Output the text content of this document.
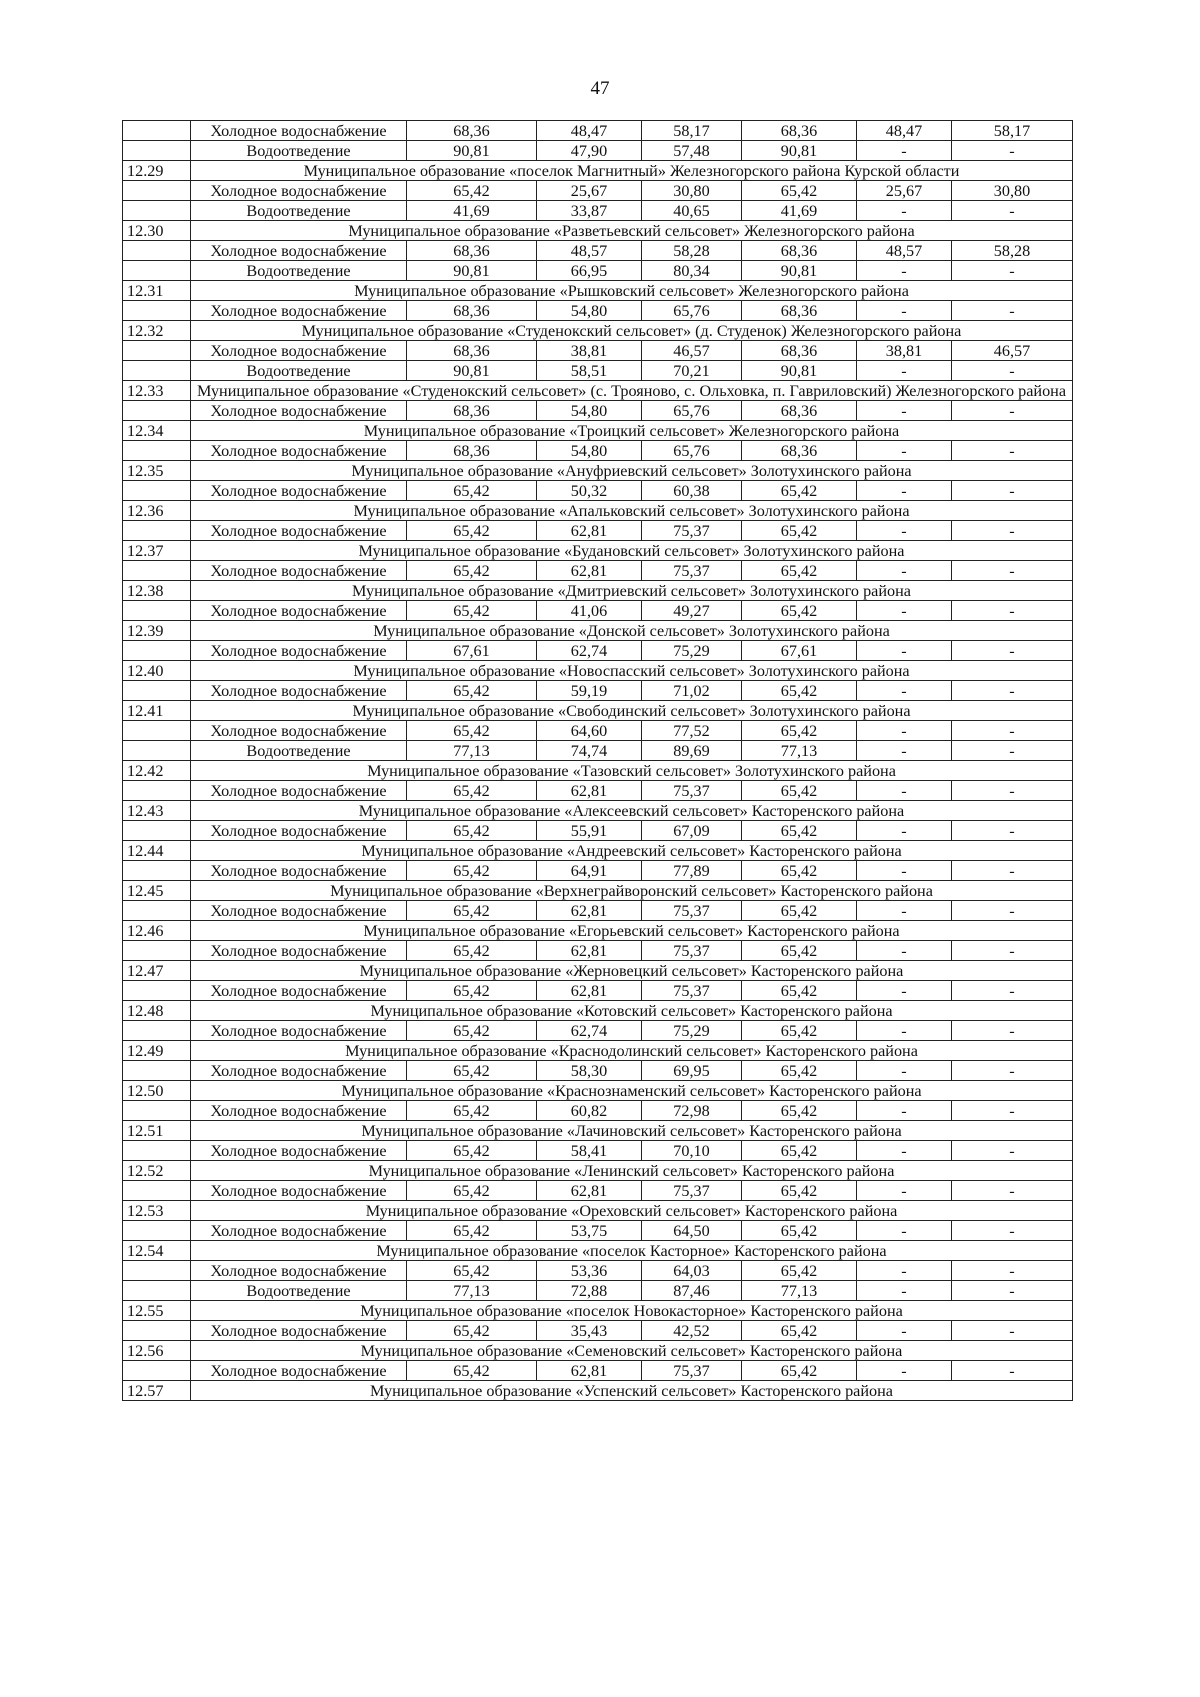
47
	Холодное водоснабжение	68,36	48,47	58,17	68,36	48,47	58,17
	Водоотведение	90,81	47,90	57,48	90,81	-	-
12.29	Муниципальное образование «поселок Магнитный» Железногорского района Курской области						
	Холодное водоснабжение	65,42	25,67	30,80	65,42	25,67	30,80
	Водоотведение	41,69	33,87	40,65	41,69	-	-
12.30	Муниципальное образование «Разветьевский сельсовет» Железногорского района						
	Холодное водоснабжение	68,36	48,57	58,28	68,36	48,57	58,28
	Водоотведение	90,81	66,95	80,34	90,81	-	-
12.31	Муниципальное образование «Рышковский сельсовет» Железногорского района						
	Холодное водоснабжение	68,36	54,80	65,76	68,36	-	-
12.32	Муниципальное образование «Студенокский сельсовет» (д. Студенок) Железногорского района						
	Холодное водоснабжение	68,36	38,81	46,57	68,36	38,81	46,57
	Водоотведение	90,81	58,51	70,21	90,81	-	-
12.33	Муниципальное образование «Студенокский сельсовет» (с. Трояново, с. Ольховка, п. Гавриловский) Железногорского района						
	Холодное водоснабжение	68,36	54,80	65,76	68,36	-	-
12.34	Муниципальное образование «Троицкий сельсовет» Железногорского района						
	Холодное водоснабжение	68,36	54,80	65,76	68,36	-	-
12.35	Муниципальное образование «Ануфриевский сельсовет» Золотухинского района						
	Холодное водоснабжение	65,42	50,32	60,38	65,42	-	-
12.36	Муниципальное образование «Апальковский сельсовет» Золотухинского района						
	Холодное водоснабжение	65,42	62,81	75,37	65,42	-	-
12.37	Муниципальное образование «Будановский сельсовет» Золотухинского района						
	Холодное водоснабжение	65,42	62,81	75,37	65,42	-	-
12.38	Муниципальное образование «Дмитриевский сельсовет» Золотухинского района						
	Холодное водоснабжение	65,42	41,06	49,27	65,42	-	-
12.39	Муниципальное образование «Донской сельсовет» Золотухинского района						
	Холодное водоснабжение	67,61	62,74	75,29	67,61	-	-
12.40	Муниципальное образование «Новоспасский сельсовет» Золотухинского района						
	Холодное водоснабжение	65,42	59,19	71,02	65,42	-	-
12.41	Муниципальное образование «Свободинский сельсовет» Золотухинского района						
	Холодное водоснабжение	65,42	64,60	77,52	65,42	-	-
	Водоотведение	77,13	74,74	89,69	77,13	-	-
12.42	Муниципальное образование «Тазовский сельсовет» Золотухинского района						
	Холодное водоснабжение	65,42	62,81	75,37	65,42	-	-
12.43	Муниципальное образование «Алексеевский сельсовет» Касторенского района						
	Холодное водоснабжение	65,42	55,91	67,09	65,42	-	-
12.44	Муниципальное образование «Андреевский сельсовет» Касторенского района						
	Холодное водоснабжение	65,42	64,91	77,89	65,42	-	-
12.45	Муниципальное образование «Верхнеграйворонский сельсовет» Касторенского района						
	Холодное водоснабжение	65,42	62,81	75,37	65,42	-	-
12.46	Муниципальное образование «Егорьевский сельсовет» Касторенского района						
	Холодное водоснабжение	65,42	62,81	75,37	65,42	-	-
12.47	Муниципальное образование «Жерновецкий сельсовет» Касторенского района						
	Холодное водоснабжение	65,42	62,81	75,37	65,42	-	-
12.48	Муниципальное образование «Котовский сельсовет» Касторенского района						
	Холодное водоснабжение	65,42	62,74	75,29	65,42	-	-
12.49	Муниципальное образование «Краснодолинский сельсовет» Касторенского района						
	Холодное водоснабжение	65,42	58,30	69,95	65,42	-	-
12.50	Муниципальное образование «Краснознаменский сельсовет» Касторенского района						
	Холодное водоснабжение	65,42	60,82	72,98	65,42	-	-
12.51	Муниципальное образование «Лачиновский сельсовет» Касторенского района						
	Холодное водоснабжение	65,42	58,41	70,10	65,42	-	-
12.52	Муниципальное образование «Ленинский сельсовет» Касторенского района						
	Холодное водоснабжение	65,42	62,81	75,37	65,42	-	-
12.53	Муниципальное образование «Ореховский сельсовет» Касторенского района						
	Холодное водоснабжение	65,42	53,75	64,50	65,42	-	-
12.54	Муниципальное образование «поселок Касторное» Касторенского района						
	Холодное водоснабжение	65,42	53,36	64,03	65,42	-	-
	Водоотведение	77,13	72,88	87,46	77,13	-	-
12.55	Муниципальное образование «поселок Новокасторное» Касторенского района						
	Холодное водоснабжение	65,42	35,43	42,52	65,42	-	-
12.56	Муниципальное образование «Семеновский сельсовет» Касторенского района						
	Холодное водоснабжение	65,42	62,81	75,37	65,42	-	-
12.57	Муниципальное образование «Успенский сельсовет» Касторенского района						
